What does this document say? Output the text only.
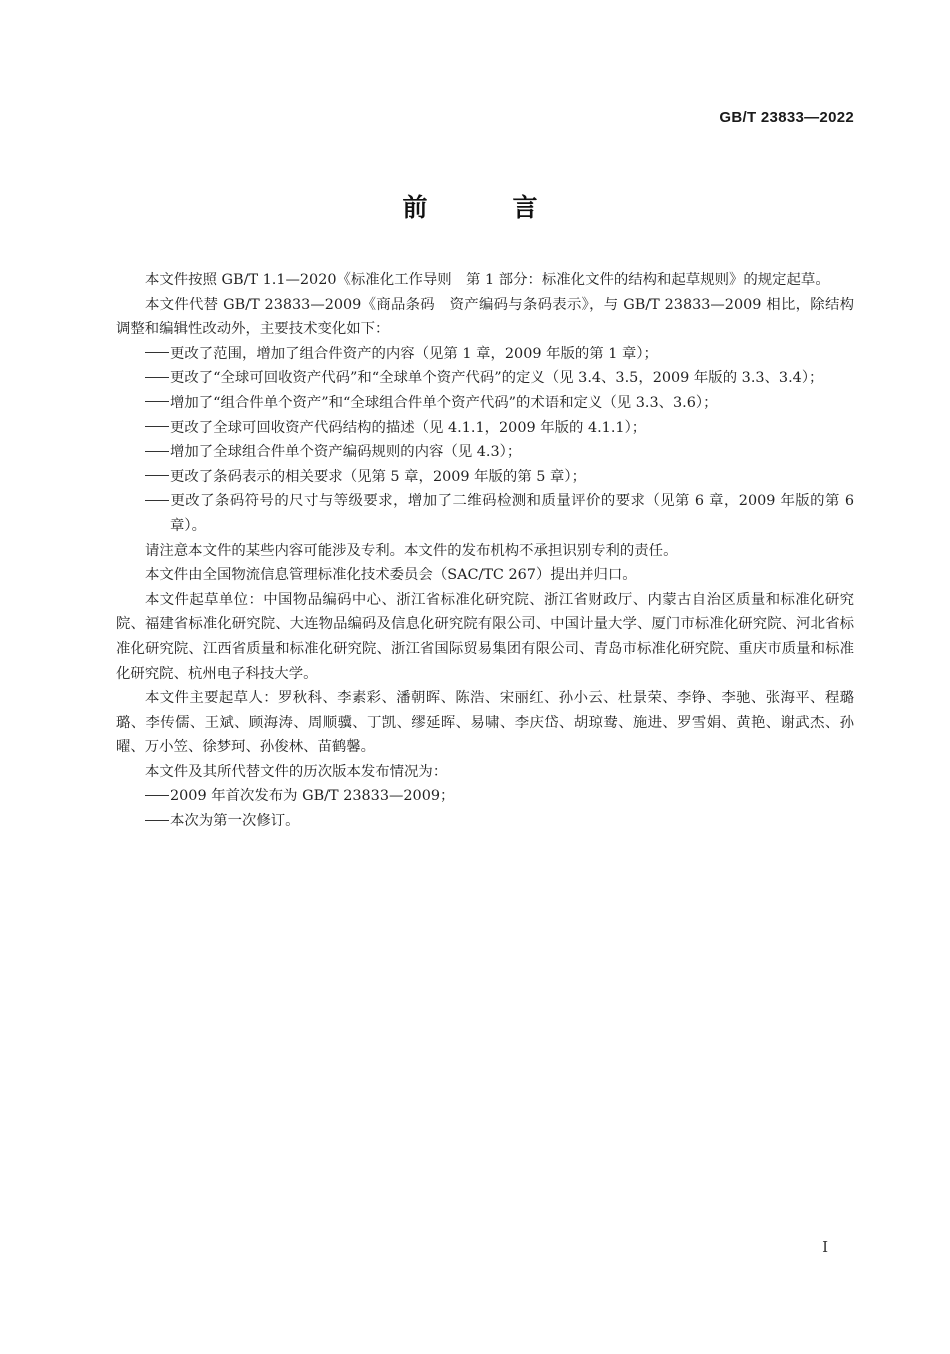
GB/T 23833—2022
前　言

本文件按照 GB/T 1.1—2020《标准化工作导则　第 1 部分：标准化文件的结构和起草规则》的规定起草。

本文件代替 GB/T 23833—2009《商品条码　资产编码与条码表示》，与 GB/T 23833—2009 相比，除结构调整和编辑性改动外，主要技术变化如下：

更改了范围，增加了组合件资产的内容（见第 1 章，2009 年版的第 1 章）；

更改了“全球可回收资产代码”和“全球单个资产代码”的定义（见 3.4、3.5，2009 年版的 3.3、3.4）；

增加了“组合件单个资产”和“全球组合件单个资产代码”的术语和定义（见 3.3、3.6）；

更改了全球可回收资产代码结构的描述（见 4.1.1，2009 年版的 4.1.1）；

增加了全球组合件单个资产编码规则的内容（见 4.3）；

更改了条码表示的相关要求（见第 5 章，2009 年版的第 5 章）；

更改了条码符号的尺寸与等级要求，增加了二维码检测和质量评价的要求（见第 6 章，2009 年版的第 6 章）。

请注意本文件的某些内容可能涉及专利。本文件的发布机构不承担识别专利的责任。

本文件由全国物流信息管理标准化技术委员会（SAC/TC 267）提出并归口。

本文件起草单位：中国物品编码中心、浙江省标准化研究院、浙江省财政厅、内蒙古自治区质量和标准化研究院、福建省标准化研究院、大连物品编码及信息化研究院有限公司、中国计量大学、厦门市标准化研究院、河北省标准化研究院、江西省质量和标准化研究院、浙江省国际贸易集团有限公司、青岛市标准化研究院、重庆市质量和标准化研究院、杭州电子科技大学。

本文件主要起草人：罗秋科、李素彩、潘朝晖、陈浩、宋丽红、孙小云、杜景荣、李铮、李驰、张海平、程璐璐、李传儒、王斌、顾海涛、周顺骥、丁凯、缪延晖、易啸、李庆岱、胡琼鸯、施进、罗雪娟、黄艳、谢武杰、孙曜、万小笠、徐梦珂、孙俊林、苗鹤馨。

本文件及其所代替文件的历次版本发布情况为：

2009 年首次发布为 GB/T 23833—2009；

本次为第一次修订。

I
